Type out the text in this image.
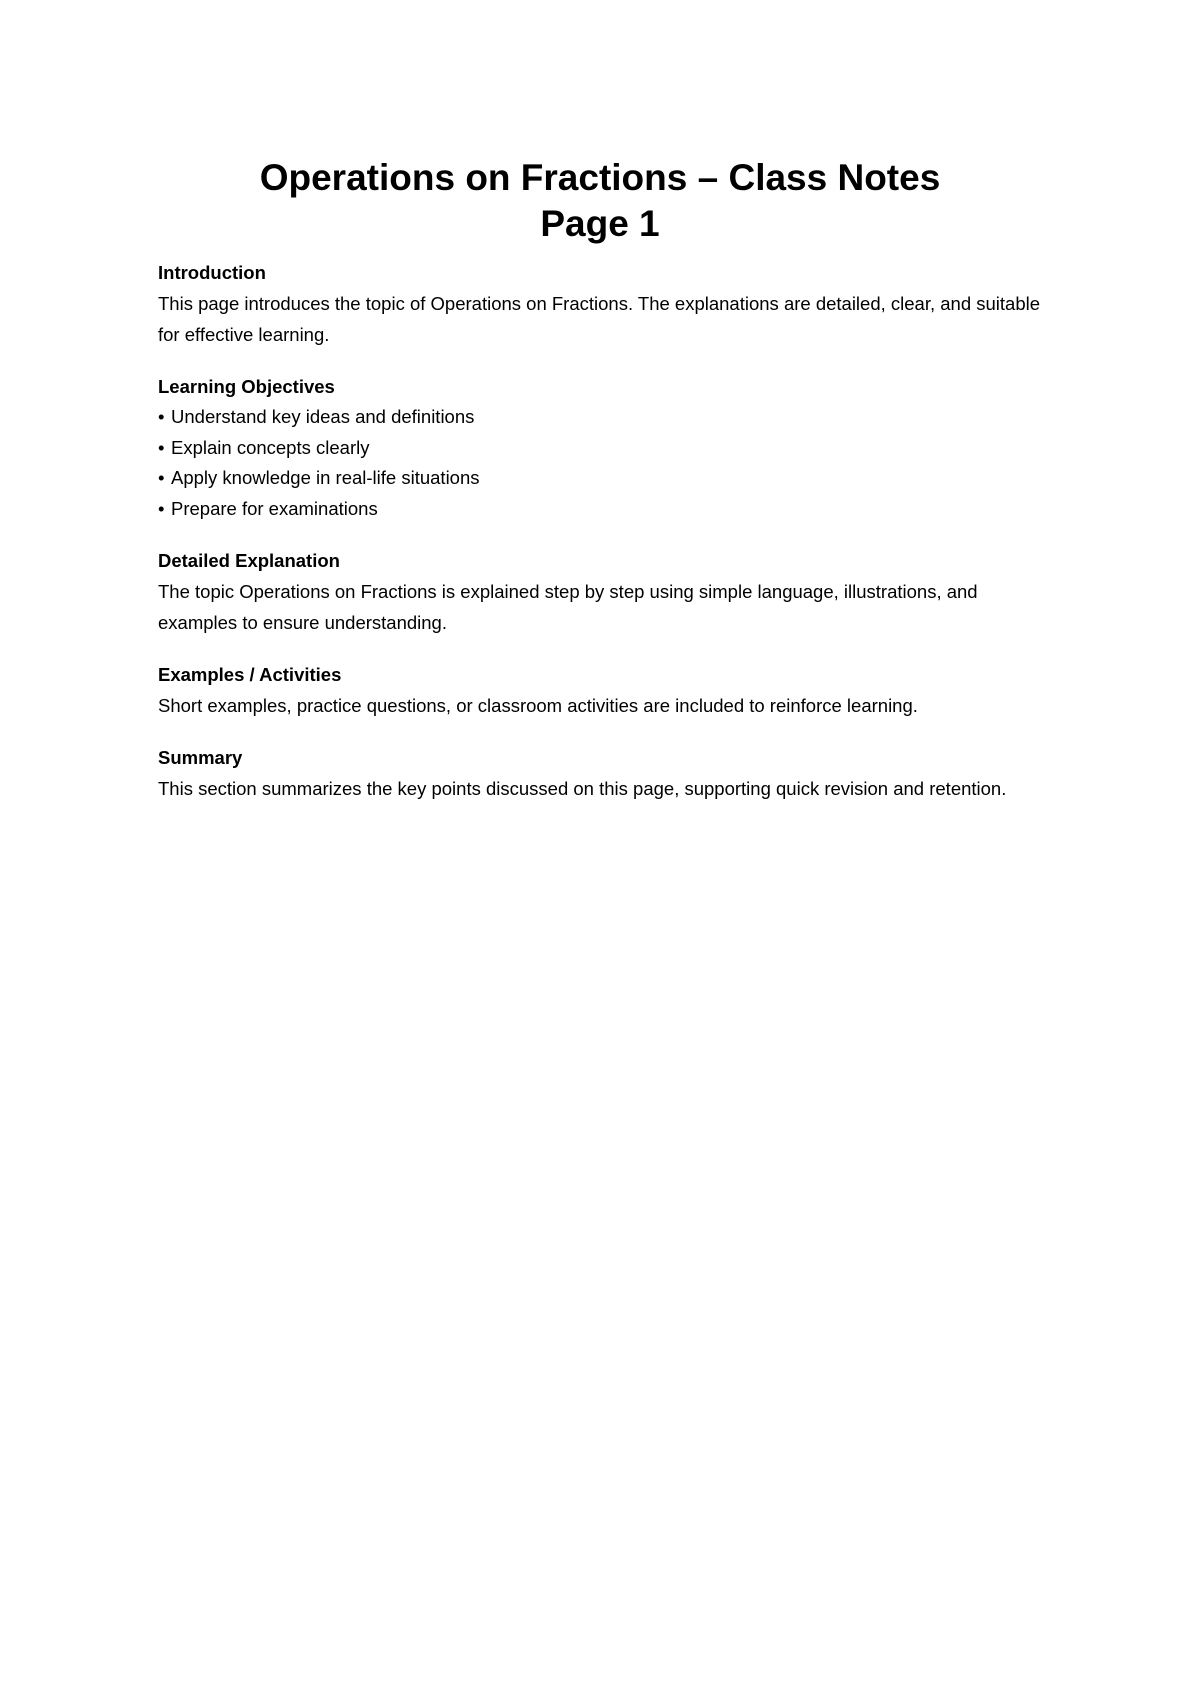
Operations on Fractions – Class Notes
Page 1

Introduction

This page introduces the topic of Operations on Fractions. The explanations are detailed, clear, and suitable for effective learning.

Learning Objectives

• Understand key ideas and definitions
• Explain concepts clearly
• Apply knowledge in real-life situations
• Prepare for examinations

Detailed Explanation

The topic Operations on Fractions is explained step by step using simple language, illustrations, and examples to ensure understanding.

Examples / Activities

Short examples, practice questions, or classroom activities are included to reinforce learning.

Summary

This section summarizes the key points discussed on this page, supporting quick revision and retention.
